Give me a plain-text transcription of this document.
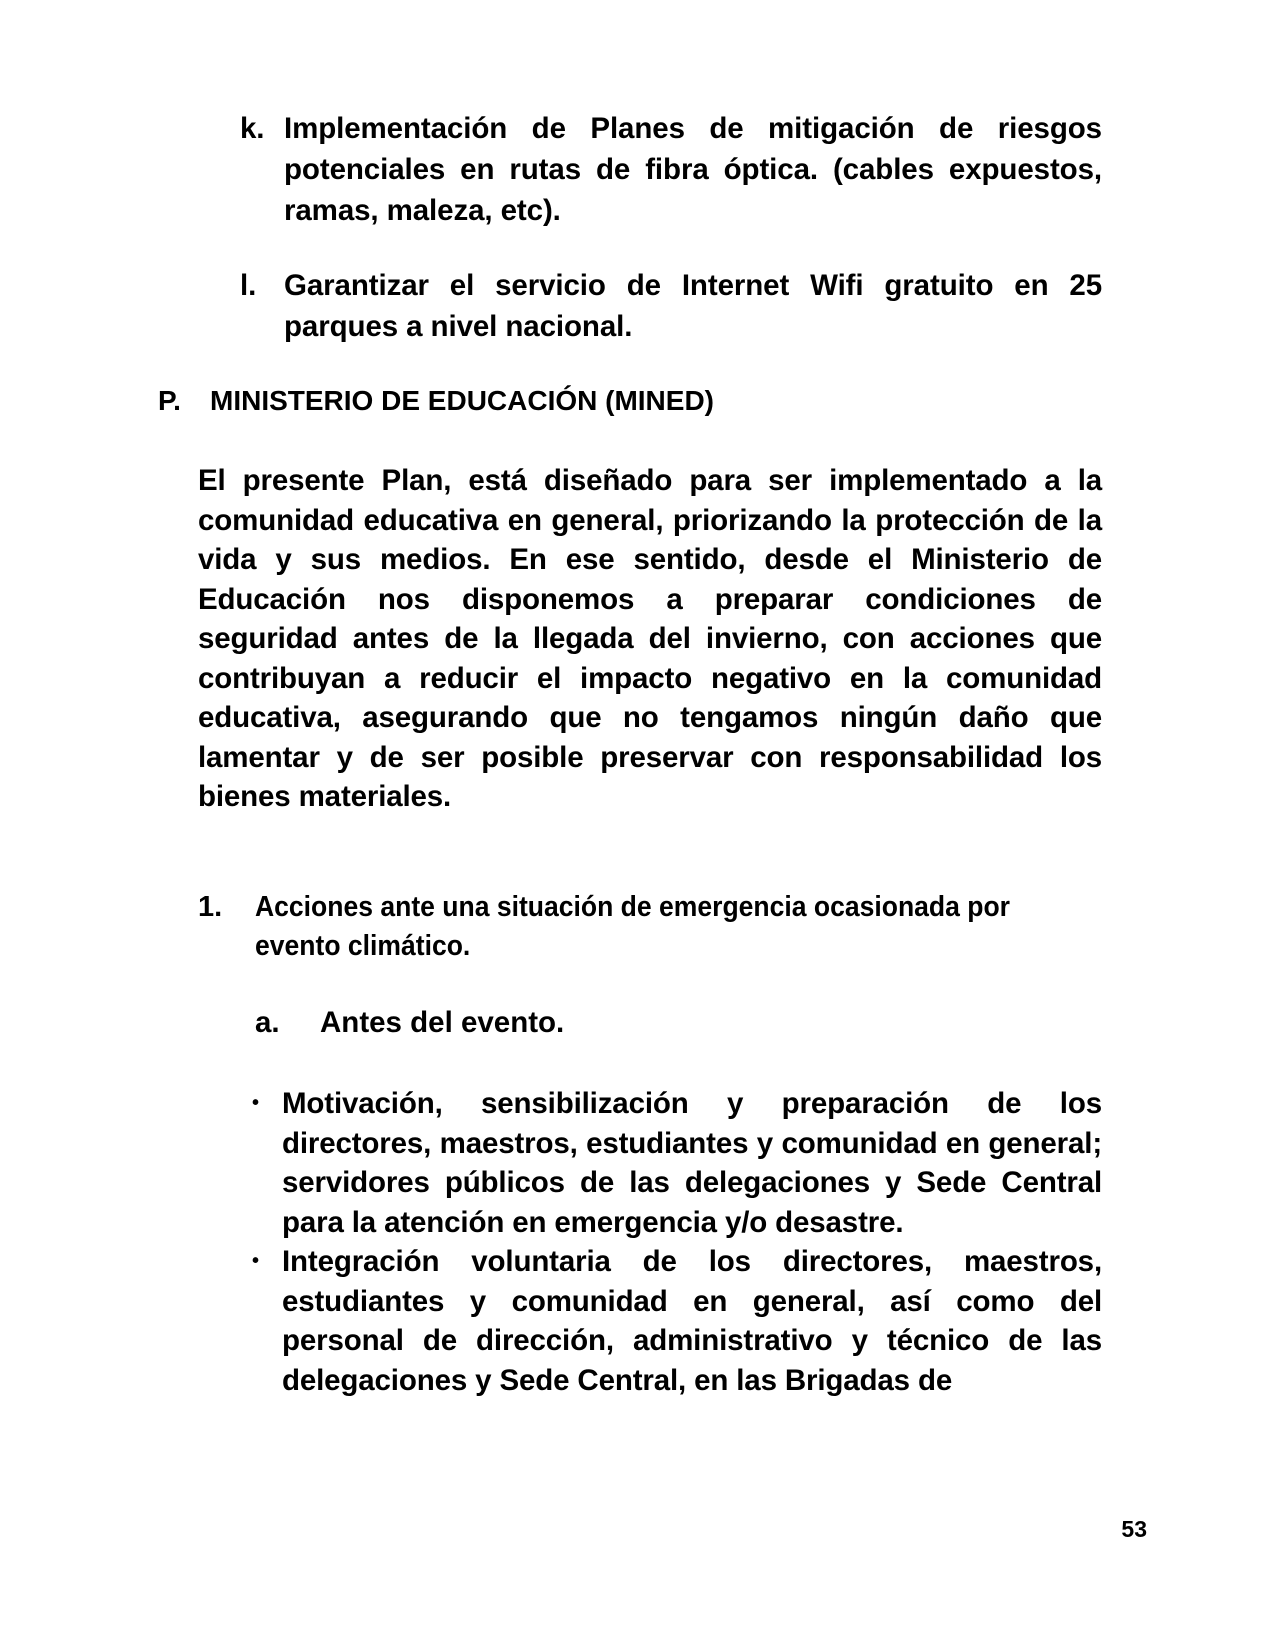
k. Implementación de Planes de mitigación de riesgos potenciales en rutas de fibra óptica. (cables expuestos, ramas, maleza, etc).
l. Garantizar el servicio de Internet Wifi gratuito en 25 parques a nivel nacional.
P.	MINISTERIO DE EDUCACIÓN (MINED)
El presente Plan, está diseñado para ser implementado a la comunidad educativa en general, priorizando la protección de la vida y sus medios. En ese sentido, desde el Ministerio de Educación nos disponemos a preparar condiciones de seguridad antes de la llegada del invierno, con acciones que contribuyan a reducir el impacto negativo en la comunidad educativa, asegurando que no tengamos ningún daño que lamentar y de ser posible preservar con responsabilidad los bienes materiales.
1.	Acciones ante una situación de emergencia ocasionada por evento climático.
a.	Antes del evento.
• Motivación, sensibilización y preparación de los directores, maestros, estudiantes y comunidad en general; servidores públicos de las delegaciones y Sede Central para la atención en emergencia y/o desastre.
• Integración voluntaria de los directores, maestros, estudiantes y comunidad en general, así como del personal de dirección, administrativo y técnico de las delegaciones y Sede Central, en las Brigadas de
53
